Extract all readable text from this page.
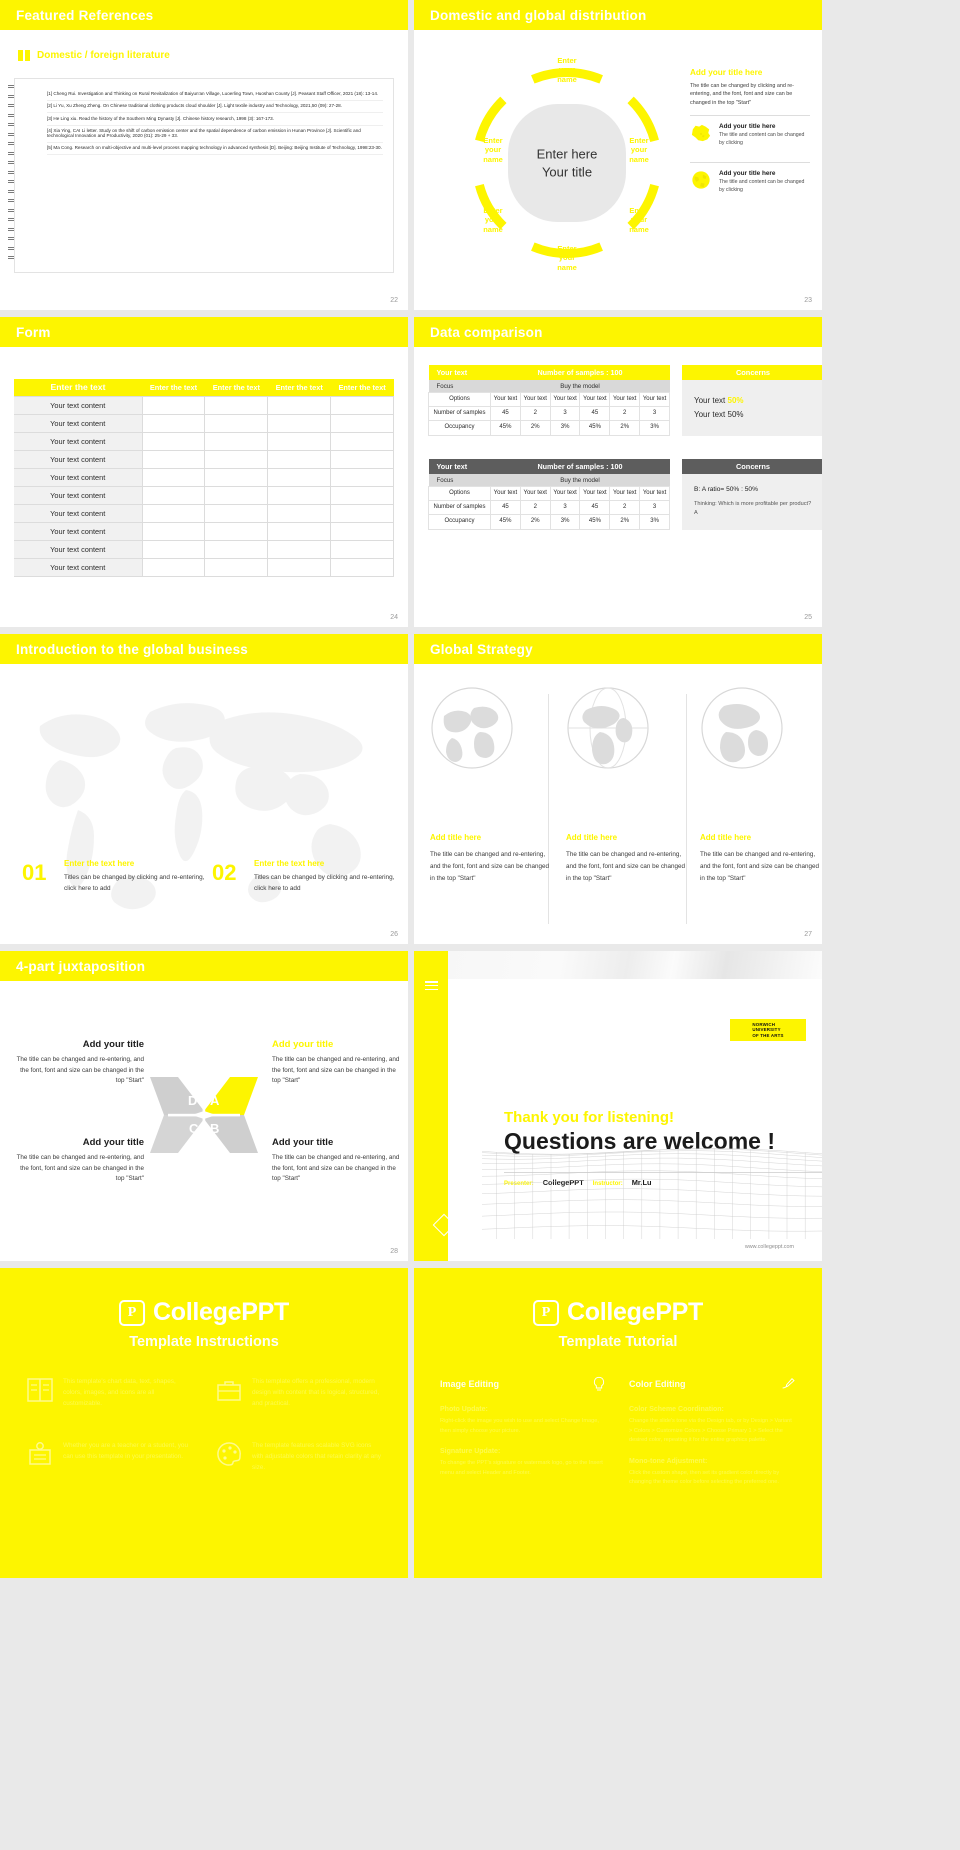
Featured References
Domestic / foreign literature
[1] Cheng Rui. Investigation and Thinking on Rural Revitalization of Baiyun'an Village, Luoerling Town, Huoshan County [J]. Peasant Staff Officer, 2021 (18): 13-14.
[2] Li Yu, Xu Zheng Zheng. On Chinese traditional clothing products cloud shoulder [J]. Light textile industry and Technology, 2021,50 (09): 27-28.
[3] He Ling xiu. Read the history of the Southern Ming Dynasty [J]. Chinese history research, 1998 (3): 167-173.
[4] Xia Ying, CAI Li letter. Study on the shift of carbon emission center and the spatial dependence of carbon emission in Hunan Province [J]. Scientific and technological Innovation and Productivity, 2020 (01): 25-29 + 33.
[5] Ma Cong. Research on multi-objective and multi-level process mapping technology in advanced synthesis [D]. Beijing: Beijing Institute of Technology, 1998:23-30.
22
Domestic and global distribution
Enter here
Your title
Enter
your
name
Enter
your
name
Enter
your
name
Enter
your
name
Enter
your
name
Enter
your
name
Add your title here

The title can be changed by clicking and re-entering, and the font, font and size can be changed in the top "Start"

Add your title here

The title and content can be changed by clicking

Add your title here

The title and content can be changed by clicking

23
Form
Enter the text	Enter the text	Enter the text	Enter the text	Enter the text
Your text content				
Your text content				
Your text content				
Your text content				
Your text content				
Your text content				
Your text content				
Your text content				
Your text content				
Your text content				
24
Data comparison
Your text	Number of samples : 100					
Focus	Buy the model					
Options	Your text	Your text	Your text	Your text	Your text	Your text
Number of samples	45	2	3	45	2	3
Occupancy	45%	2%	3%	45%	2%	3%
Your text	Number of samples : 100					
Focus	Buy the model					
Options	Your text	Your text	Your text	Your text	Your text	Your text
Number of samples	45	2	3	45	2	3
Occupancy	45%	2%	3%	45%	2%	3%
Concerns

Your text 50%

Your text 50%

Concerns

B: A ratio= 50% : 50%

Thinking: Which is more profitable per product?A

25
Introduction to the global business
01 Enter the text here

Titles can be changed by clicking and re-entering, click here to add

02 Enter the text here

Titles can be changed by clicking and re-entering, click here to add

26
Global Strategy
Add title here

The title can be changed and re-entering, and the font, font and size can be changed in the top "Start"

Add title here

The title can be changed and re-entering, and the font, font and size can be changed in the top "Start"

Add title here

The title can be changed and re-entering, and the font, font and size can be changed in the top "Start"

27
4-part juxtaposition
D A
C B
Add your title

The title can be changed and re-entering, and the font, font and size can be changed in the top "Start"

Add your title

The title can be changed and re-entering, and the font, font and size can be changed in the top "Start"

Add your title

The title can be changed and re-entering, and the font, font and size can be changed in the top "Start"

Add your title

The title can be changed and re-entering, and the font, font and size can be changed in the top "Start"

28
NORWICH
UNIVERSITY
OF THE ARTS
Thank you for listening!
Questions are welcome !
Presenter: CollegePPT Instructor: Mr.Lu
www.collegeppt.com
P CollegePPT
Template Instructions
This template's chart data, text, shapes, colors, images, and icons are all customizable.
Whether you are a teacher or a student, you can use this template in your presentation.
This template offers a professional, modern design with content that is logical, structured, and practical.
The template features scalable SVG icons with adjustable colors that retain clarity at any size.
P CollegePPT
Template Tutorial
Image Editing
Photo Update:

Right-click the image you wish to use and select Change Image, then simply choose your picture.

Signature Update:

To change the PPT's signature or watermark logo, go to the Insert menu and select Header and Footer.

Color Editing
Color Scheme Coordination:

Change the slide's tone via the Design tab, or by Design > Variant > Colors > Customize Colors > Choose Primary 1 > Select the desired color, repeating it for the entire graphics palette.

Mono-tone Adjustment:

Click the custom shape, then set its gradient color directly by changing the theme color before selecting the preferred one.
